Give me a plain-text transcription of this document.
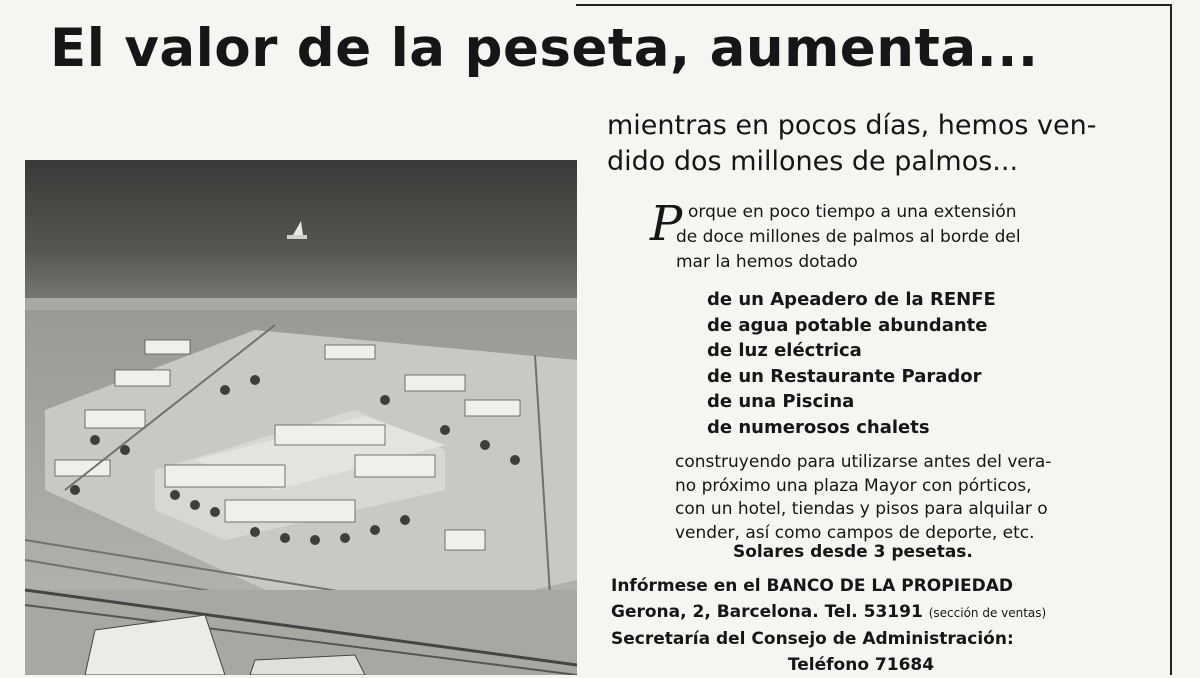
El valor de la peseta, aumenta...
mientras en pocos días, hemos ven-
dido dos millones de palmos...
P orque en poco tiempo a una extensión
de doce millones de palmos al borde del
mar la hemos dotado
de un Apeadero de la RENFE
de agua potable abundante
de luz eléctrica
de un Restaurante Parador
de una Piscina
de numerosos chalets
construyendo para utilizarse antes del vera-
no próximo una plaza Mayor con pórticos,
con un hotel, tiendas y pisos para alquilar o
vender, así como campos de deporte, etc.
Solares desde 3 pesetas.
Infórmese en el BANCO DE LA PROPIEDAD
Gerona, 2, Barcelona. Tel. 53191 (sección de ventas)
Secretaría del Consejo de Administración:
Teléfono 71684
